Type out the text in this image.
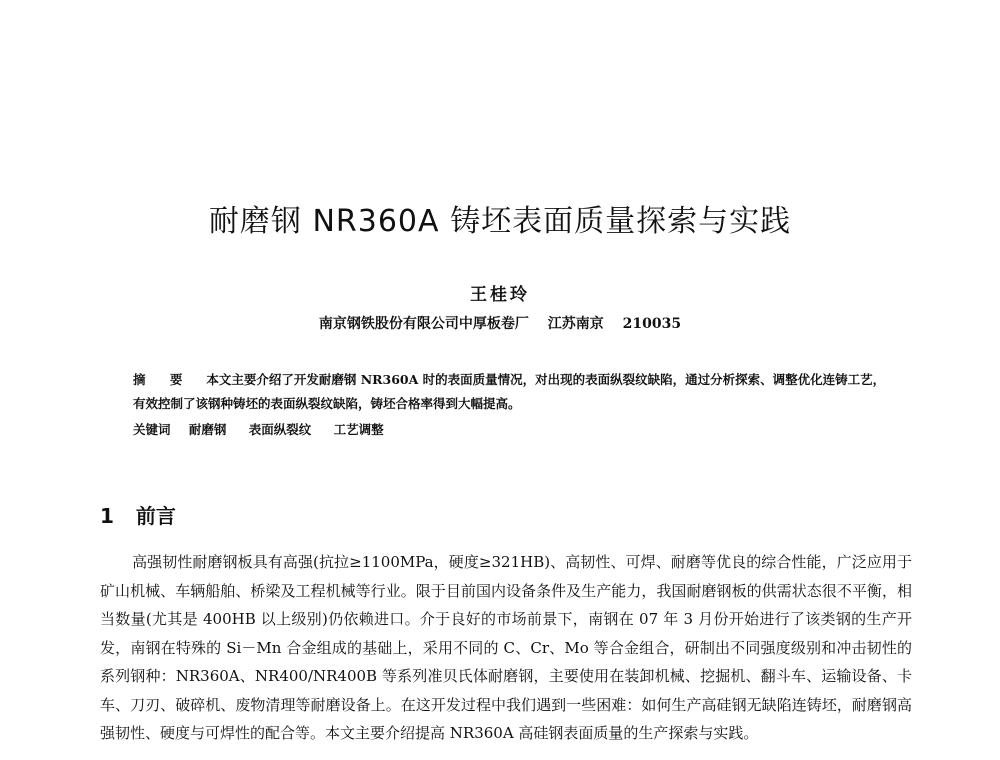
耐磨钢 NR360A 铸坯表面质量探索与实践
王桂玲
南京钢铁股份有限公司中厚板卷厂 江苏南京 210035
摘 要 本文主要介绍了开发耐磨钢 NR360A 时的表面质量情况，对出现的表面纵裂纹缺陷，通过分析探索、调整优化连铸工艺，有效控制了该钢种铸坯的表面纵裂纹缺陷，铸坯合格率得到大幅提高。
关键词 耐磨钢 表面纵裂纹 工艺调整
1 前言
高强韧性耐磨钢板具有高强(抗拉≥1100MPa，硬度≥321HB)、高韧性、可焊、耐磨等优良的综合性能，广泛应用于矿山机械、车辆船舶、桥梁及工程机械等行业。限于目前国内设备条件及生产能力，我国耐磨钢板的供需状态很不平衡，相当数量(尤其是 400HB 以上级别)仍依赖进口。介于良好的市场前景下，南钢在 07 年 3 月份开始进行了该类钢的生产开发，南钢在特殊的 Si－Mn 合金组成的基础上，采用不同的 C、Cr、Mo 等合金组合，研制出不同强度级别和冲击韧性的系列钢种：NR360A、NR400/NR400B 等系列准贝氏体耐磨钢，主要使用在装卸机械、挖掘机、翻斗车、运输设备、卡车、刀刃、破碎机、废物清理等耐磨设备上。在这开发过程中我们遇到一些困难：如何生产高硅钢无缺陷连铸坯，耐磨钢高强韧性、硬度与可焊性的配合等。本文主要介绍提高 NR360A 高硅钢表面质量的生产探索与实践。
